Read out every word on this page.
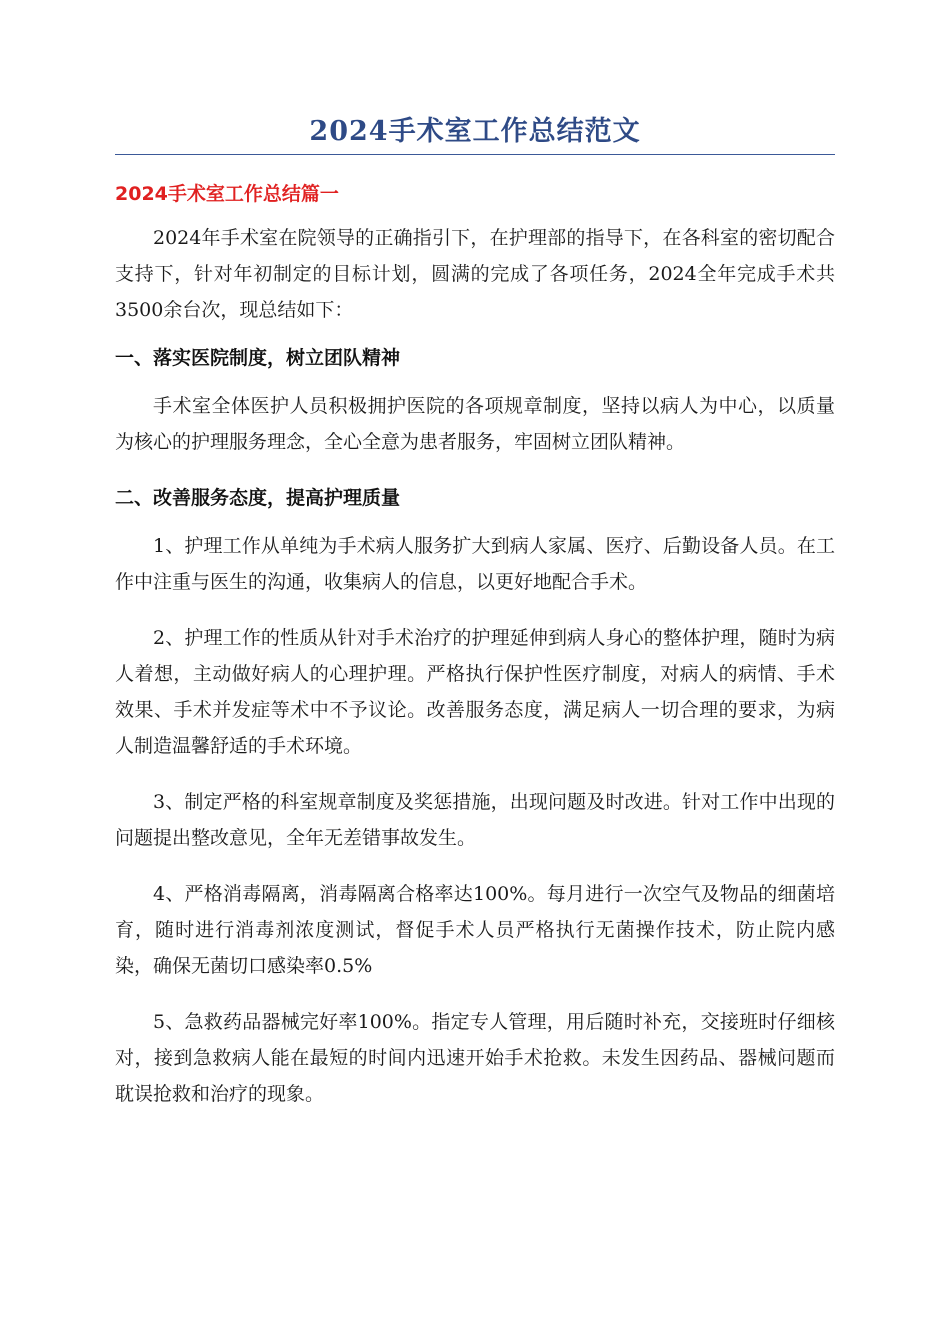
2024手术室工作总结范文

2024手术室工作总结篇一

2024年手术室在院领导的正确指引下，在护理部的指导下，在各科室的密切配合支持下，针对年初制定的目标计划，圆满的完成了各项任务，2024全年完成手术共3500余台次，现总结如下：

一、落实医院制度，树立团队精神

手术室全体医护人员积极拥护医院的各项规章制度，坚持以病人为中心，以质量为核心的护理服务理念，全心全意为患者服务，牢固树立团队精神。

二、改善服务态度，提高护理质量

1、护理工作从单纯为手术病人服务扩大到病人家属、医疗、后勤设备人员。在工作中注重与医生的沟通，收集病人的信息，以更好地配合手术。

2、护理工作的性质从针对手术治疗的护理延伸到病人身心的整体护理，随时为病人着想，主动做好病人的心理护理。严格执行保护性医疗制度，对病人的病情、手术效果、手术并发症等术中不予议论。改善服务态度，满足病人一切合理的要求，为病人制造温馨舒适的手术环境。

3、制定严格的科室规章制度及奖惩措施，出现问题及时改进。针对工作中出现的问题提出整改意见，全年无差错事故发生。

4、严格消毒隔离，消毒隔离合格率达100%。每月进行一次空气及物品的细菌培育，随时进行消毒剂浓度测试，督促手术人员严格执行无菌操作技术，防止院内感染，确保无菌切口感染率0.5%

5、急救药品器械完好率100%。指定专人管理，用后随时补充，交接班时仔细核对，接到急救病人能在最短的时间内迅速开始手术抢救。未发生因药品、器械问题而耽误抢救和治疗的现象。
